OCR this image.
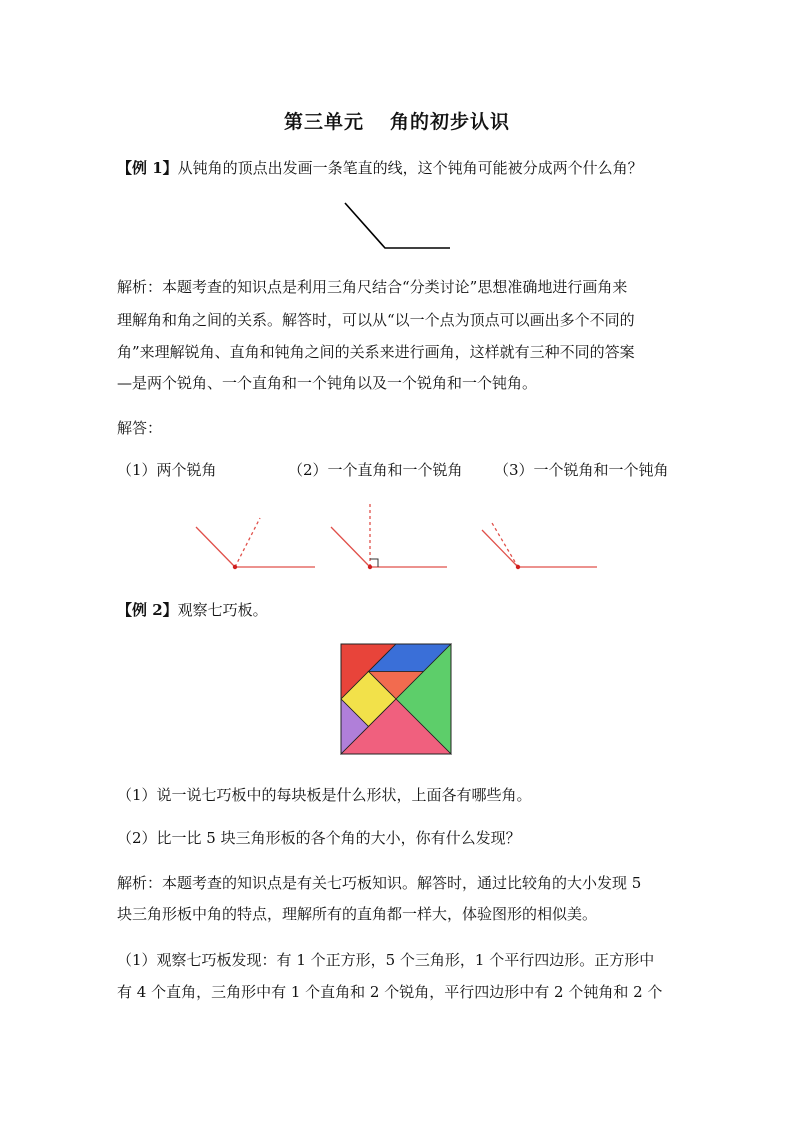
第三单元 角的初步认识

【例 1】从钝角的顶点出发画一条笔直的线，这个钝角可能被分成两个什么角？

解析：本题考查的知识点是利用三角尺结合“分类讨论”思想准确地进行画角来

理解角和角之间的关系。解答时，可以从“以一个点为顶点可以画出多个不同的

角”来理解锐角、直角和钝角之间的关系来进行画角，这样就有三种不同的答案

—是两个锐角、一个直角和一个钝角以及一个锐角和一个钝角。

解答：

（1）两个锐角	（2）一个直角和一个锐角 （3）一个锐角和一个钝角

【例 2】观察七巧板。

（1）说一说七巧板中的每块板是什么形状，上面各有哪些角。

（2）比一比 5 块三角形板的各个角的大小，你有什么发现？

解析：本题考查的知识点是有关七巧板知识。解答时，通过比较角的大小发现 5

块三角形板中角的特点，理解所有的直角都一样大，体验图形的相似美。

（1）观察七巧板发现：有 1 个正方形，5 个三角形，1 个平行四边形。正方形中

有 4 个直角，三角形中有 1 个直角和 2 个锐角，平行四边形中有 2 个钝角和 2 个
